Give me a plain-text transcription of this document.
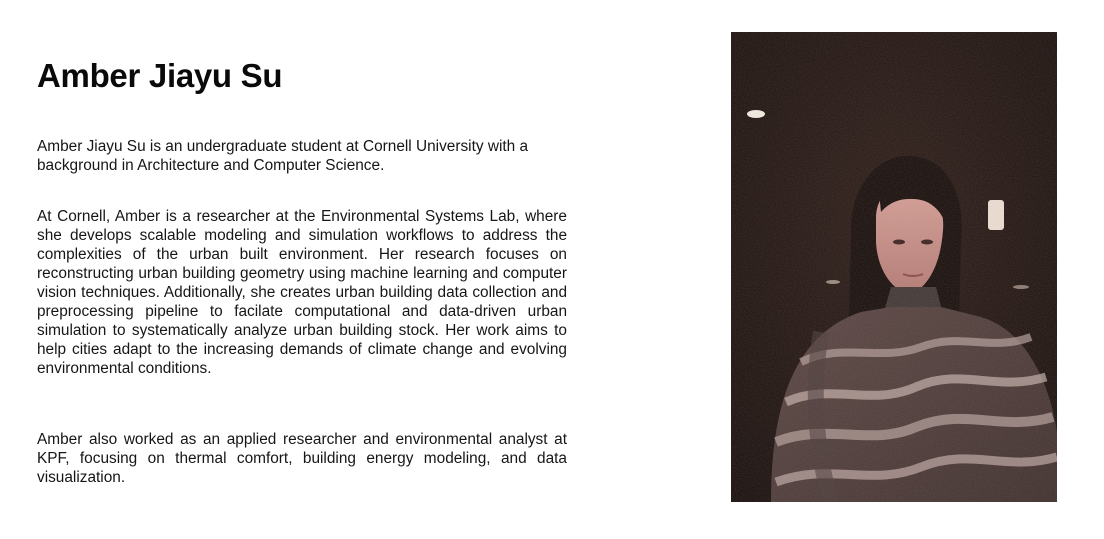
Amber Jiayu Su

Amber Jiayu Su is an undergraduate student at Cornell University with a background in Architecture and Computer Science.

At Cornell, Amber is a researcher at the Environmental Systems Lab, where she develops scalable modeling and simulation workflows to address the complexities of the urban built environment. Her research focuses on reconstructing urban building geometry using machine learning and computer vision techniques. Additionally, she creates urban building data collection and preprocessing pipeline to facilate computational and data-driven urban simulation to systematically analyze urban building stock. Her work aims to help cities adapt to the increasing demands of climate change and evolving environmental conditions.

Amber also worked as an applied researcher and environmental analyst at KPF, focusing on thermal comfort, building energy modeling, and data visualization.
